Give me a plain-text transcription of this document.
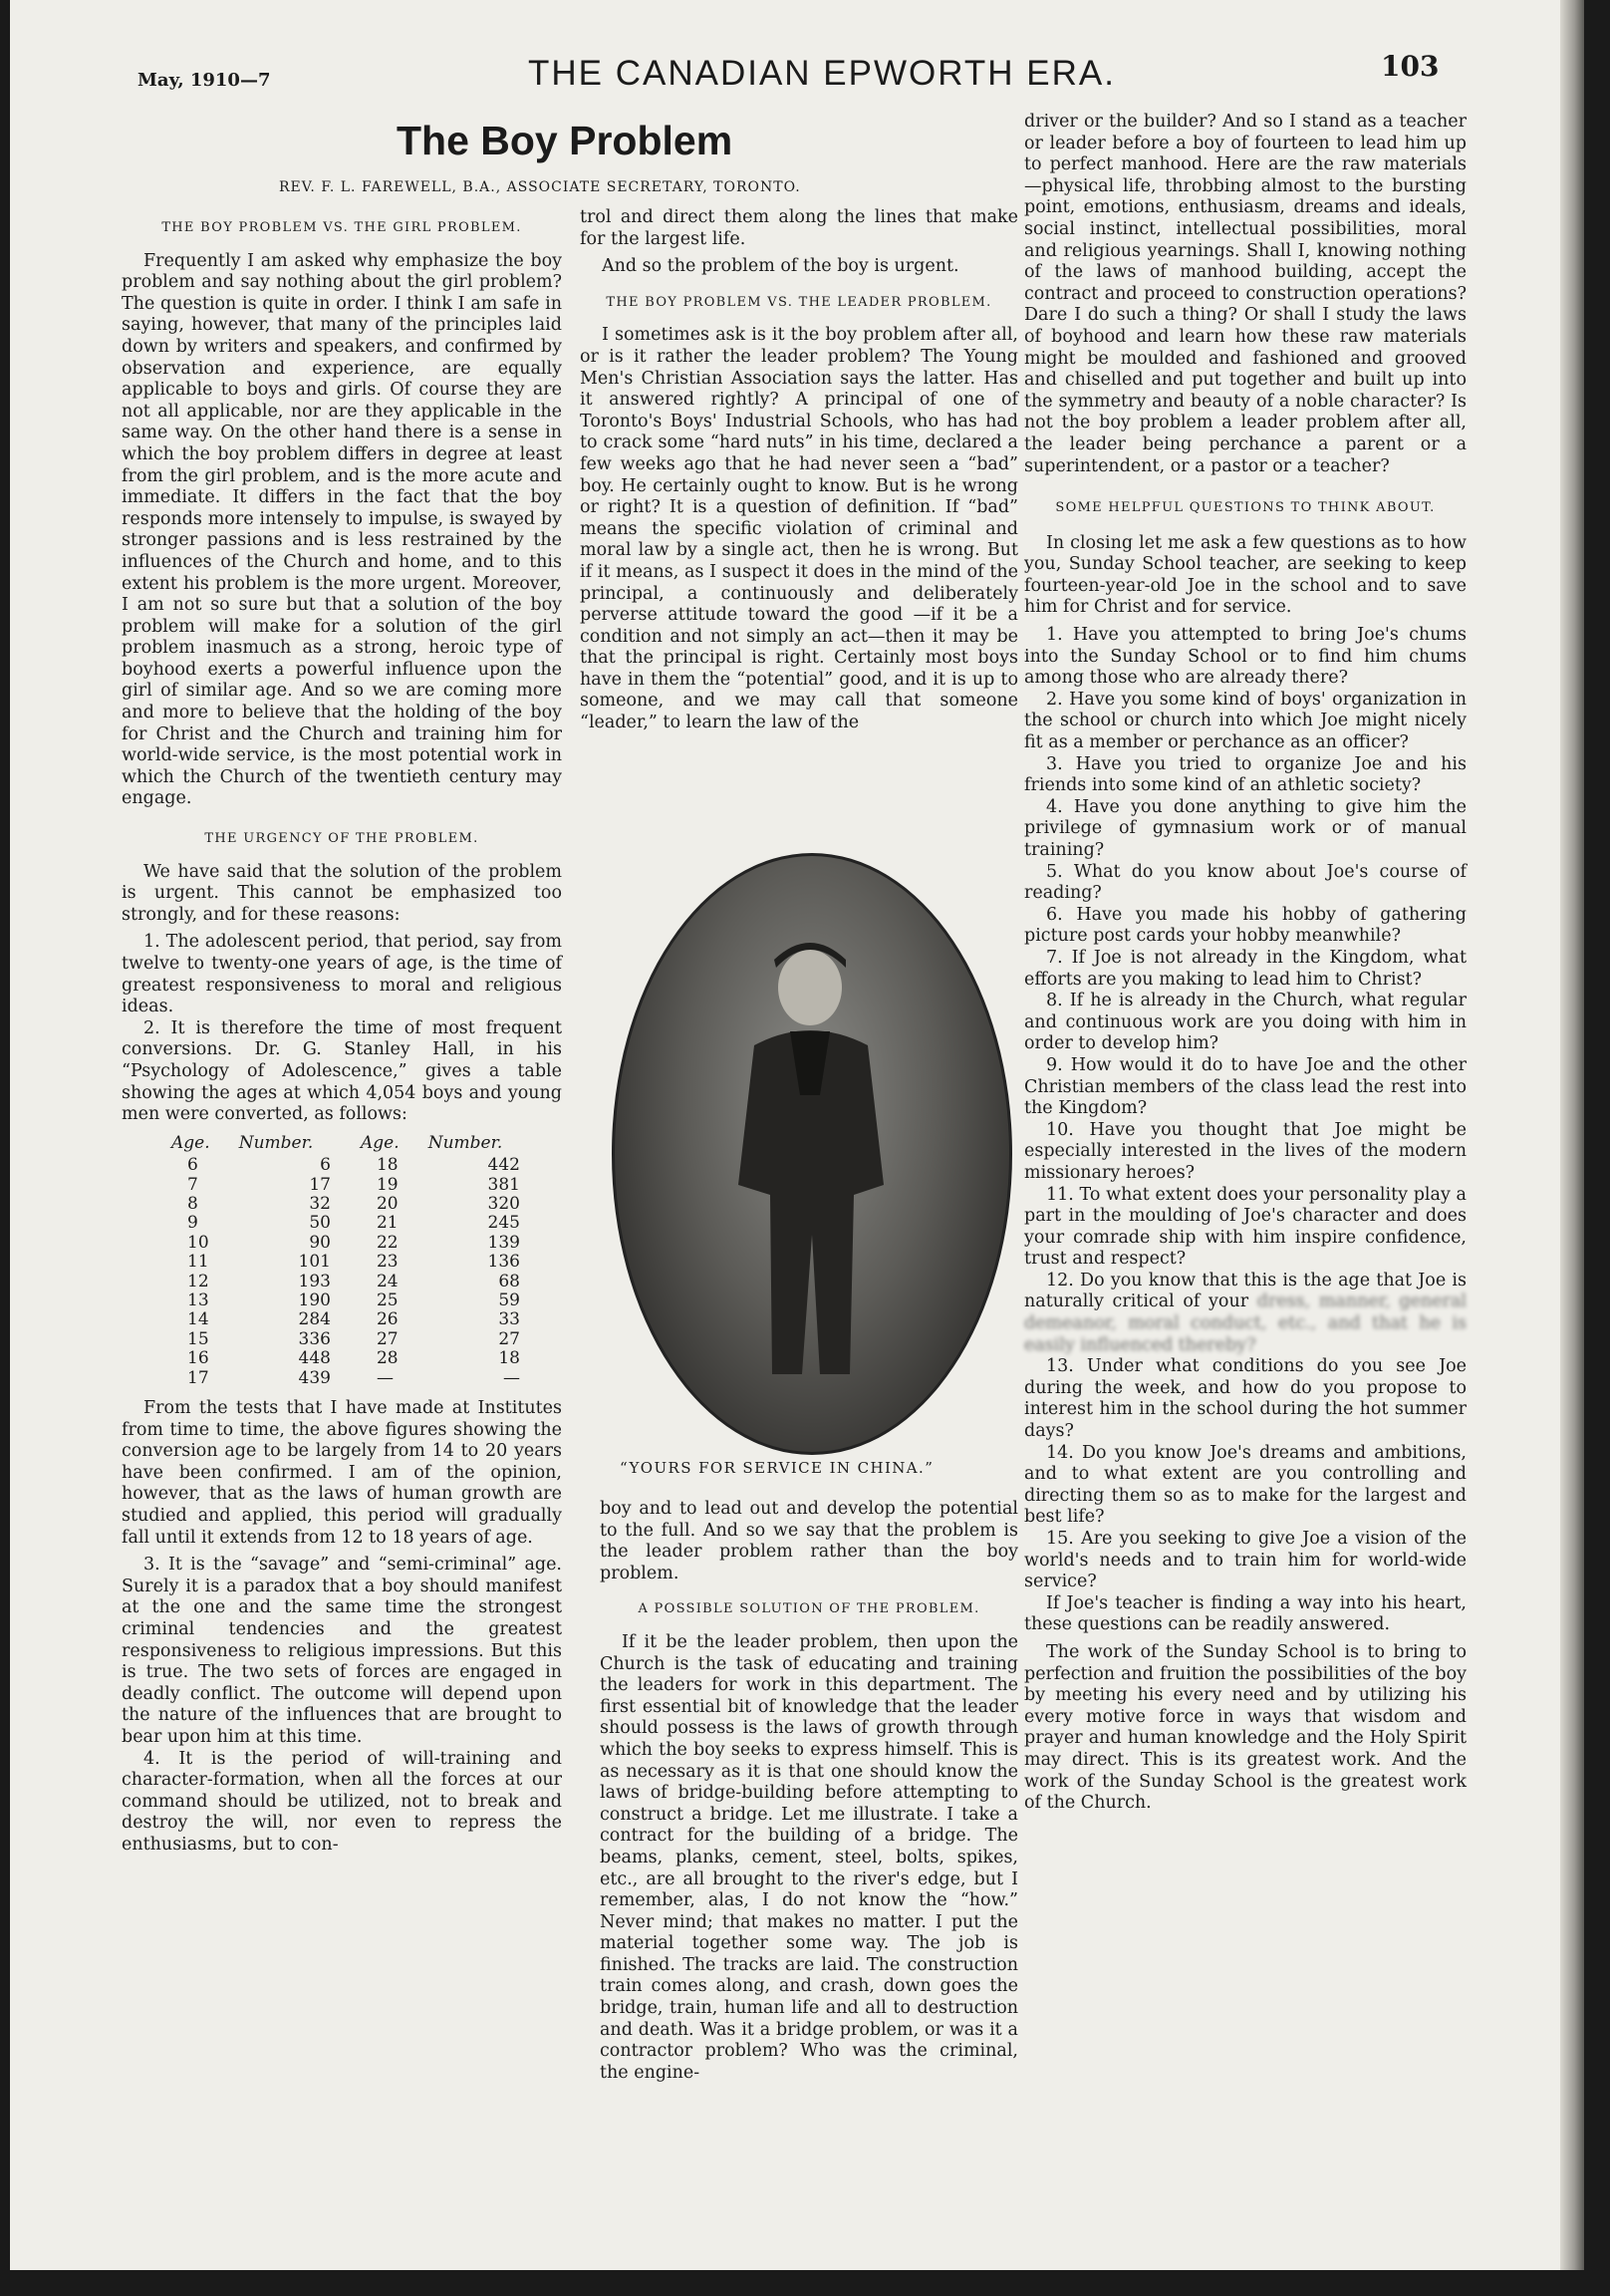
May, 1910—7	THE CANADIAN EPWORTH ERA.	103
The Boy Problem
REV. F. L. FAREWELL, B.A., ASSOCIATE SECRETARY, TORONTO.
THE BOY PROBLEM VS. THE GIRL PROBLEM.

Frequently I am asked why emphasize the boy problem and say nothing about the girl problem? The question is quite in order. I think I am safe in saying, however, that many of the principles laid down by writers and speakers, and confirmed by observation and experience, are equally applicable to boys and girls. Of course they are not all applicable, nor are they applicable in the same way. On the other hand there is a sense in which the boy problem differs in degree at least from the girl problem, and is the more acute and immediate. It differs in the fact that the boy responds more intensely to impulse, is swayed by stronger passions and is less restrained by the influences of the Church and home, and to this extent his problem is the more urgent. Moreover, I am not so sure but that a solution of the boy problem will make for a solution of the girl problem inasmuch as a strong, heroic type of boyhood exerts a powerful influence upon the girl of similar age. And so we are coming more and more to believe that the holding of the boy for Christ and the Church and training him for world-wide service, is the most potential work in which the Church of the twentieth century may engage.

THE URGENCY OF THE PROBLEM.

We have said that the solution of the problem is urgent. This cannot be emphasized too strongly, and for these reasons:

1. The adolescent period, that period, say from twelve to twenty-one years of age, is the time of greatest responsiveness to moral and religious ideas.
2. It is therefore the time of most frequent conversions. Dr. G. Stanley Hall, in his “Psychology of Adolescence,” gives a table showing the ages at which 4,054 boys and young men were converted, as follows:
Age.	Number.	Age.	Number.
6	6	18	442
7	17	19	381
8	32	20	320
9	50	21	245
10	90	22	139
11	101	23	136
12	193	24	68
13	190	25	59
14	284	26	33
15	336	27	27
16	448	28	18
17	439	—	—

From the tests that I have made at Institutes from time to time, the above figures showing the conversion age to be largely from 14 to 20 years have been confirmed. I am of the opinion, however, that as the laws of human growth are studied and applied, this period will gradually fall until it extends from 12 to 18 years of age.

3. It is the “savage” and “semi-criminal” age. Surely it is a paradox that a boy should manifest at the one and the same time the strongest criminal tendencies and the greatest responsiveness to religious impressions. But this is true. The two sets of forces are engaged in deadly conflict. The outcome will depend upon the nature of the influences that are brought to bear upon him at this time.
4. It is the period of will-training and character-formation, when all the forces at our command should be utilized, not to break and destroy the will, nor even to repress the enthusiasms, but to con-

trol and direct them along the lines that make for the largest life.

And so the problem of the boy is urgent.

THE BOY PROBLEM VS. THE LEADER PROBLEM.

I sometimes ask is it the boy problem after all, or is it rather the leader problem? The Young Men's Christian Association says the latter. Has it answered rightly? A principal of one of Toronto's Boys' Industrial Schools, who has had to crack some “hard nuts” in his time, declared a few weeks ago that he had never seen a “bad” boy. He certainly ought to know. But is he wrong or right? It is a question of definition. If “bad” means the specific violation of criminal and moral law by a single act, then he is wrong. But if it means, as I suspect it does in the mind of the principal, a continuously and deliberately perverse attitude toward the good —if it be a condition and not simply an act—then it may be that the principal is right. Certainly most boys have in them the “potential” good, and it is up to someone, and we may call that someone “leader,” to learn the law of the

“YOURS FOR SERVICE IN CHINA.”

boy and to lead out and develop the potential to the full. And so we say that the problem is the leader problem rather than the boy problem.

A POSSIBLE SOLUTION OF THE PROBLEM.

If it be the leader problem, then upon the Church is the task of educating and training the leaders for work in this department. The first essential bit of knowledge that the leader should possess is the laws of growth through which the boy seeks to express himself. This is as necessary as it is that one should know the laws of bridge-building before attempting to construct a bridge. Let me illustrate. I take a contract for the building of a bridge. The beams, planks, cement, steel, bolts, spikes, etc., are all brought to the river's edge, but I remember, alas, I do not know the “how.” Never mind; that makes no matter. I put the material together some way. The job is finished. The tracks are laid. The construction train comes along, and crash, down goes the bridge, train, human life and all to destruction and death. Was it a bridge problem, or was it a contractor problem? Who was the criminal, the engine-

driver or the builder? And so I stand as a teacher or leader before a boy of fourteen to lead him up to perfect manhood. Here are the raw materials—physical life, throbbing almost to the bursting point, emotions, enthusiasm, dreams and ideals, social instinct, intellectual possibilities, moral and religious yearnings. Shall I, knowing nothing of the laws of manhood building, accept the contract and proceed to construction operations? Dare I do such a thing? Or shall I study the laws of boyhood and learn how these raw materials might be moulded and fashioned and grooved and chiselled and put together and built up into the symmetry and beauty of a noble character? Is not the boy problem a leader problem after all, the leader being perchance a parent or a superintendent, or a pastor or a teacher?

SOME HELPFUL QUESTIONS TO THINK ABOUT.

In closing let me ask a few questions as to how you, Sunday School teacher, are seeking to keep fourteen-year-old Joe in the school and to save him for Christ and for service.

1. Have you attempted to bring Joe's chums into the Sunday School or to find him chums among those who are already there?
2. Have you some kind of boys' organization in the school or church into which Joe might nicely fit as a member or perchance as an officer?
3. Have you tried to organize Joe and his friends into some kind of an athletic society?
4. Have you done anything to give him the privilege of gymnasium work or of manual training?
5. What do you know about Joe's course of reading?
6. Have you made his hobby of gathering picture post cards your hobby meanwhile?
7. If Joe is not already in the Kingdom, what efforts are you making to lead him to Christ?
8. If he is already in the Church, what regular and continuous work are you doing with him in order to develop him?
9. How would it do to have Joe and the other Christian members of the class lead the rest into the Kingdom?
10. Have you thought that Joe might be especially interested in the lives of the modern missionary heroes?
11. To what extent does your personality play a part in the moulding of Joe's character and does your comrade ship with him inspire confidence, trust and respect?
12. Do you know that this is the age that Joe is naturally critical of your dress, manner, general demeanor, moral conduct, etc., and that he is easily influenced thereby?
13. Under what conditions do you see Joe during the week, and how do you propose to interest him in the school during the hot summer days?
14. Do you know Joe's dreams and ambitions, and to what extent are you controlling and directing them so as to make for the largest and best life?
15. Are you seeking to give Joe a vision of the world's needs and to train him for world-wide service?

If Joe's teacher is finding a way into his heart, these questions can be readily answered.

The work of the Sunday School is to bring to perfection and fruition the possibilities of the boy by meeting his every need and by utilizing his every motive force in ways that wisdom and prayer and human knowledge and the Holy Spirit may direct. This is its greatest work. And the work of the Sunday School is the greatest work of the Church.
